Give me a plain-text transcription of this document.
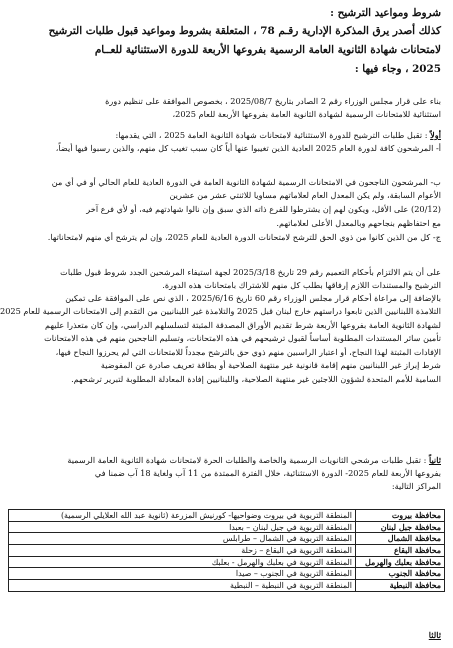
شروط ومواعيد الترشيح :
كذلك أصدر يرق المذكرة الإدارية رقـم 78 ، المتعلقة بشروط ومواعيد قبول طلبات الترشيح
لامتحانات شهادة الثانوية العامة الرسمية بفروعها الأربعة للدورة الاستثنائية للعــام
2025 ، وجاء فيها :
بناء على قرار مجلس الوزراء رقم 2 الصادر بتاريخ 2025/08/7 ، بخصوص الموافقة على تنظيم دورة
استثنائية للامتحانات الرسمية لشهادة الثانوية العامة بفروعها الأربعة للعام 2025،
أولاً : تقبل طلبات الترشيح للدورة الاستثنائية لامتحانات شهادة الثانوية العامة 2025 ، التي يقدمها:
أ- المرشحون كافة لدورة العام 2025 العادية الذين تغيبوا عنها أياً كان سبب تغيب كل منهم، والذين رسبوا فيها أيضاً،
ب- المرشحون الناجحون في الامتحانات الرسمية لشهادة الثانوية العامة في الدورة العادية للعام الحالي أو في أي من
الأعوام السابقة، ولم يكن المعدل العام لعلاماتهم مساويا للاثنتي عشر من عشرين
(20/12) على الأقل، ويكون لهم إن يشترطوا للفرع ذاته الذي سبق وإن نالوا شهادتهم فيه، أو لأي فرع آخر
مع احتفاظهم بنجاحهم وبالمعدل الأعلى لعلاماتهم.
ج- كل من الذين كانوا من ذوي الحق للترشح لامتحانات الدورة العادية للعام 2025، وإن لم يترشح أي منهم لامتحاناتها.
على أن يتم الالتزام بأحكام التعميم رقم 29 تاريخ 2025/3/18 لجهة استيفاء المرشحين الجدد شروط قبول طلبات
الترشيح والمستندات اللازم إرفاقها بطلب كل منهم للاشتراك بامتحانات هذه الدورة.
بالإضافة إلى مراعاة أحكام قرار مجلس الوزراء رقم 60 تاريخ 2025/6/16 ، الذي نص على الموافقة على تمكين
التلامذة اللبنانيين الذين تابعوا دراستهم خارج لبنان قبل 2025 والتلامذة غير اللبنانيين من التقدم إلى الامتحانات الرسمية للعام 2025
لشهادة الثانوية العامة بفروعها الأربعة شرط تقديم الأوراق المصدقة المثبتة لتسلسلهم الدراسي، وإن كان متعذرا عليهم
تأمين سائر المستندات المطلوبة أساساً لقبول ترشيحهم في هذه الامتحانات، وتسليم الناجحين منهم في هذه الامتحانات
الإفادات المثبتة لهذا النجاح، أو اعتبار الراسبين منهم ذوي حق بالترشح مجدداً للامتحانات التي لم يحرزوا النجاح فيها،
شرط إبراز غير اللبنانيين منهم إقامة قانونية غير منتهية الصلاحية أو بطاقة تعريف صادرة عن المفوضية
السامية للأمم المتحدة لشؤون اللاجئين غير منتهية الصلاحية، واللبنانيين إفادة المعادلة المطلوبة لتبرير ترشحهم.
ثانياً : تقبل طلبات مرشحي الثانويات الرسمية والخاصة والطلبات الحرة لامتحانات شهادة الثانوية العامة الرسمية
بفروعها الأربعة للعام 2025- الدورة الاستثنائية، خلال الفترة الممتدة من 11 آب ولغاية 18 آب ضمنا في
المراكز التالية:
محافظة بيروت	المنطقة التربوية في بيروت وضواحيها- كورنيش المزرعة (ثانوية عبد الله العلايلي الرسمية)
محافظة جبل لبنان	المنطقة التربوية في جبل لبنان – بعبدا
محافظة الشمال	المنطقة التربوية في الشمال – طرابلس
محافظة البقاع	المنطقة التربوية في البقاع – زحلة
محافظة بعلبك والهرمل	المنطقة التربوية في بعلبك والهرمل - بعلبك
محافظة الجنوب	المنطقة التربوية في الجنوب – صيدا
محافظة النبطية	المنطقة التربوية في النبطية – النبطية
ثالثا
